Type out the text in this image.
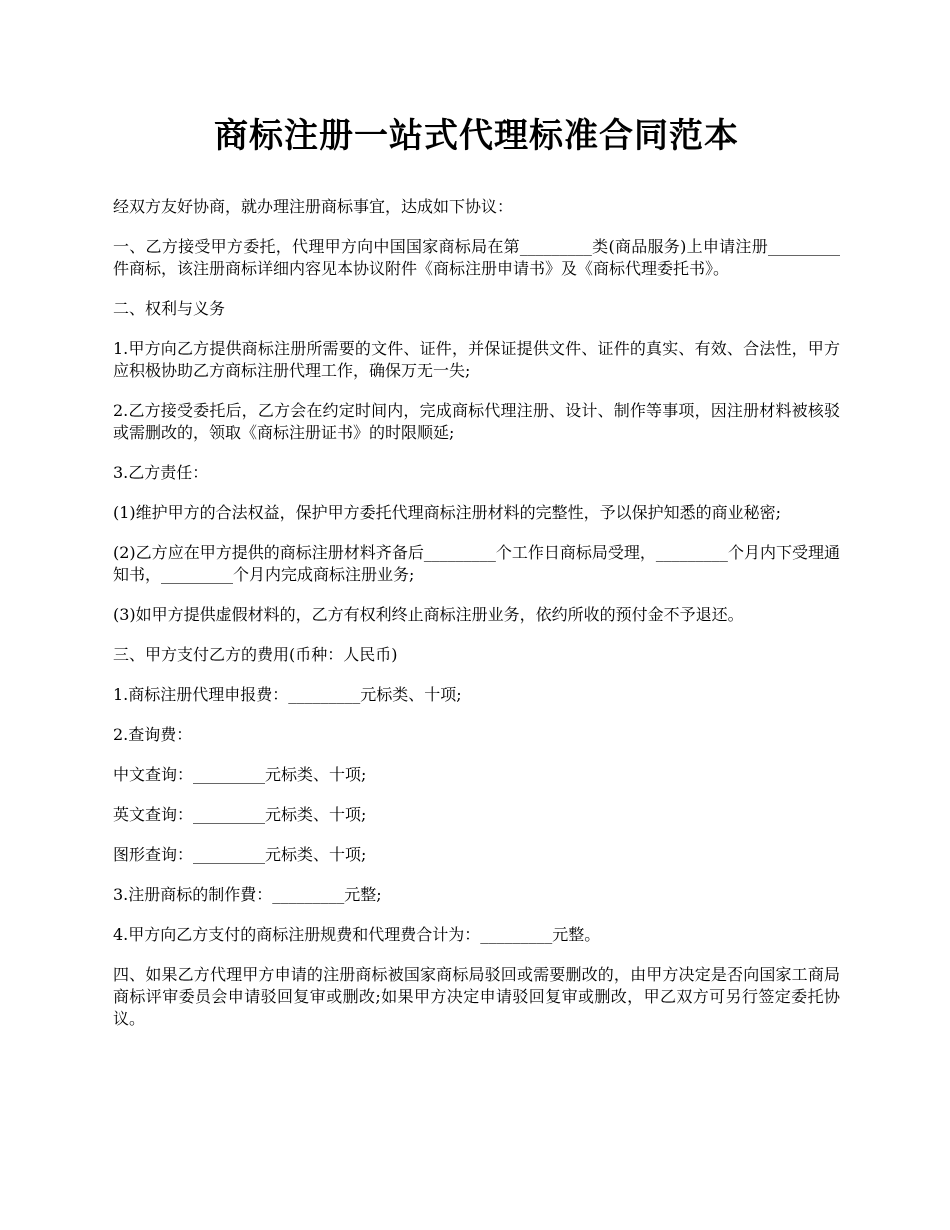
商标注册一站式代理标准合同范本

经双方友好协商，就办理注册商标事宜，达成如下协议：

一、乙方接受甲方委托，代理甲方向中国国家商标局在第_________类(商品服务)上申请注册_________件商标，该注册商标详细内容见本协议附件《商标注册申请书》及《商标代理委托书》。

二、权利与义务

1.甲方向乙方提供商标注册所需要的文件、证件，并保证提供文件、证件的真实、有效、合法性，甲方应积极协助乙方商标注册代理工作，确保万无一失;

2.乙方接受委托后，乙方会在约定时间内，完成商标代理注册、设计、制作等事项，因注册材料被核驳或需删改的，领取《商标注册证书》的时限顺延;

3.乙方责任：

(1)维护甲方的合法权益，保护甲方委托代理商标注册材料的完整性，予以保护知悉的商业秘密;

(2)乙方应在甲方提供的商标注册材料齐备后_________个工作日商标局受理，_________个月内下受理通知书，_________个月内完成商标注册业务;

(3)如甲方提供虚假材料的，乙方有权利终止商标注册业务，依约所收的预付金不予退还。

三、甲方支付乙方的费用(币种：人民币)

1.商标注册代理申报费：_________元标类、十项;

2.查询费：

中文查询：_________元标类、十项;

英文查询：_________元标类、十项;

图形查询：_________元标类、十项;

3.注册商标的制作費：_________元整;

4.甲方向乙方支付的商标注册规费和代理费合计为：_________元整。

四、如果乙方代理甲方申请的注册商标被国家商标局驳回或需要删改的，由甲方决定是否向国家工商局商标评审委员会申请驳回复审或删改;如果甲方决定申请驳回复审或删改，甲乙双方可另行签定委托协议。
